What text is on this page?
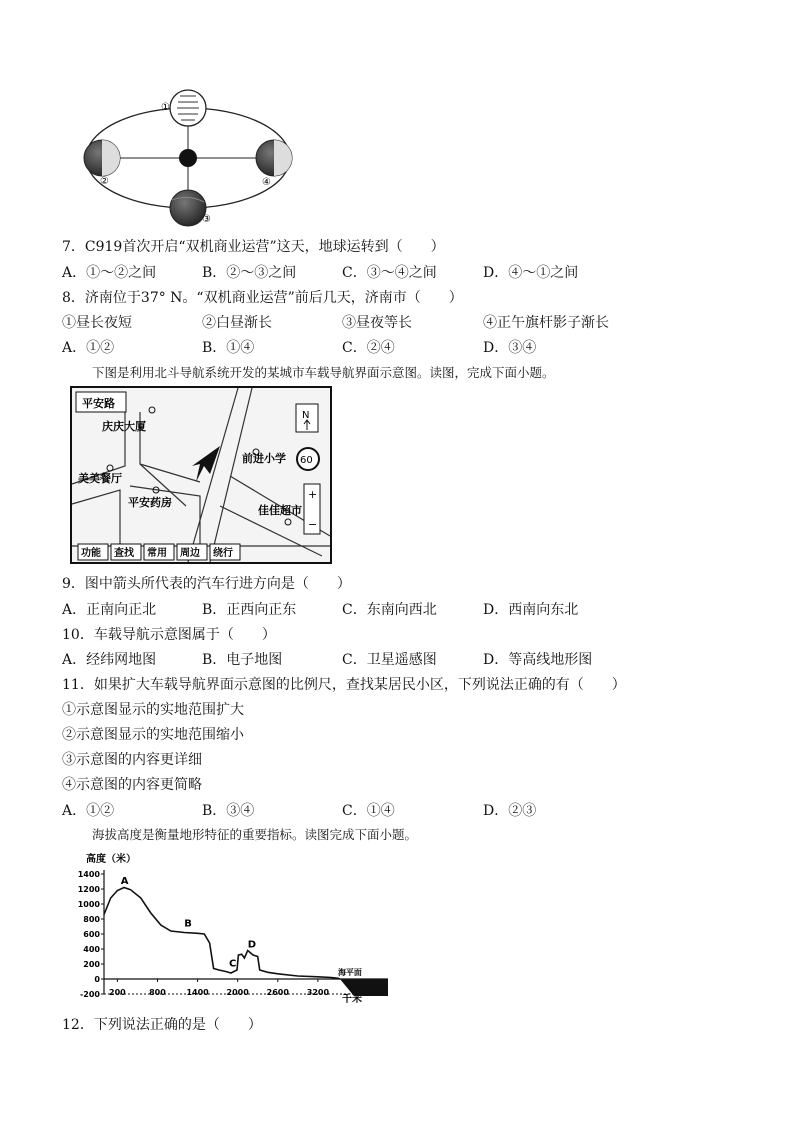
①
②
③
④
7．C919首次开启“双机商业运营”这天，地球运转到（　　）
A．①～②之间	B．②～③之间	C．③～④之间	D．④～①之间
8．济南位于37° N。“双机商业运营”前后几天，济南市（　　）
①昼长夜短	②白昼渐长	③昼夜等长	④正午旗杆影子渐长
A．①②	B．①④	C．②④	D．③④
下图是利用北斗导航系统开发的某城市车载导航界面示意图。读图，完成下面小题。
平安路
庆庆大厦
美美餐厅
平安药房
前进小学
佳佳超市
N
60
+
−
功能 查找 常用 周边 绕行
9．图中箭头所代表的汽车行进方向是（　　）
A．正南向正北	B．正西向正东	C．东南向西北	D．西南向东北
10．车载导航示意图属于（　　）
A．经纬网地图	B．电子地图	C．卫星遥感图	D．等高线地形图
11．如果扩大车载导航界面示意图的比例尺，查找某居民小区，下列说法正确的有（　　）
①示意图显示的实地范围扩大
②示意图显示的实地范围缩小
③示意图的内容更详细
④示意图的内容更简略
A．①②	B．③④	C．①④	D．②③
海拔高度是衡量地形特征的重要指标。读图完成下面小题。
高度（米）
千米
1400
1200
1000
800
600
400
200
0
-200 200	800	1400 2000 2600 3200
海平面
A
B
C
D
12．下列说法正确的是（　　）
